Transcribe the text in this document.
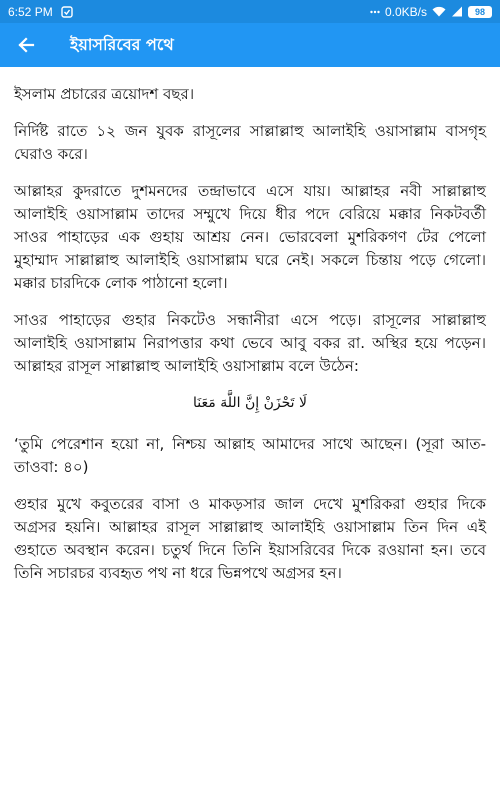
6:52 PM	0.0KB/s	98
ইয়াসরিবের পথে

ইসলাম প্রচারের ত্রয়োদশ বছর।

নির্দিষ্ট রাতে ১২ জন যুবক রাসূলের সাল্লাল্লাহু আলাইহি ওয়াসাল্লাম বাসগৃহ ঘেরাও করে।

আল্লাহর কুদরাতে দুশমনদের তন্দ্রাভাবে এসে যায়। আল্লাহর নবী সাল্লাল্লাহু আলাইহি ওয়াসাল্লাম তাদের সম্মুখে দিয়ে ধীর পদে বেরিয়ে মক্কার নিকটবর্তী সাওর পাহাড়ের এক গুহায় আশ্রয় নেন। ভোরবেলা মুশরিকগণ টের পেলো মুহাম্মাদ সাল্লাল্লাহু আলাইহি ওয়াসাল্লাম ঘরে নেই। সকলে চিন্তায় পড়ে গেলো। মক্কার চারদিকে লোক পাঠানো হলো।

সাওর পাহাড়ের গুহার নিকটেও সন্ধানীরা এসে পড়ে। রাসূলের সাল্লাল্লাহু আলাইহি ওয়াসাল্লাম নিরাপত্তার কথা ভেবে আবু বকর রা. অস্থির হয়ে পড়েন। আল্লাহর রাসূল সাল্লাল্লাহু আলাইহি ওয়াসাল্লাম বলে উঠেন:

لَا تَحْزَنْ إِنَّ اللَّهَ مَعَنَا

‘তুমি পেরেশান হয়ো না, নিশ্চয় আল্লাহ আমাদের সাথে আছেন। (সূরা আত-তাওবা: ৪০)

গুহার মুখে কবুতরের বাসা ও মাকড়সার জাল দেখে মুশরিকরা গুহার দিকে অগ্রসর হয়নি। আল্লাহর রাসূল সাল্লাল্লাহু আলাইহি ওয়াসাল্লাম তিন দিন এই গুহাতে অবস্থান করেন। চতুর্থ দিনে তিনি ইয়াসরিবের দিকে রওয়ানা হন। তবে তিনি সচারচর ব্যবহৃত পথ না ধরে ভিন্নপথে অগ্রসর হন।
